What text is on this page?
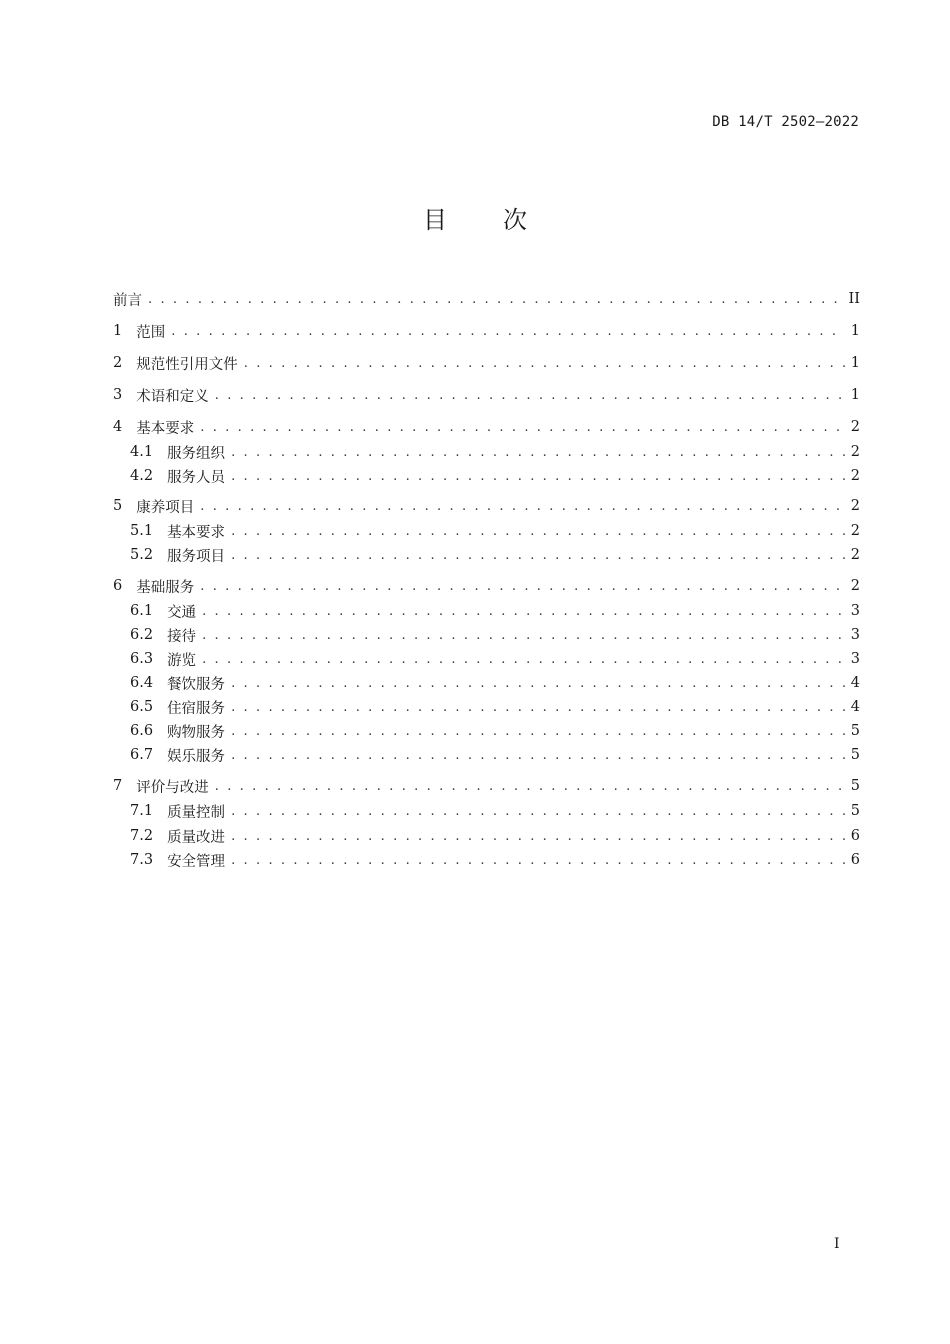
DB 14/T 2502—2022
目 次
前言 . . .	II
1 范围 . . .	1
2 规范性引用文件 . . .	1
3 术语和定义 . . .	1
4 基本要求 . . .	2
4.1 服务组织 . . .	2
4.2 服务人员 . . .	2
5 康养项目 . . .	2
5.1 基本要求 . . .	2
5.2 服务项目 . . .	2
6 基础服务 . . .	2
6.1 交通 . . .	3
6.2 接待 . . .	3
6.3 游览 . . .	3
6.4 餐饮服务 . . .	4
6.5 住宿服务 . . .	4
6.6 购物服务 . . .	5
6.7 娱乐服务 . . .	5
7 评价与改进 . . .	5
7.1 质量控制 . . .	5
7.2 质量改进 . . .	6
7.3 安全管理 . . .	6
I
